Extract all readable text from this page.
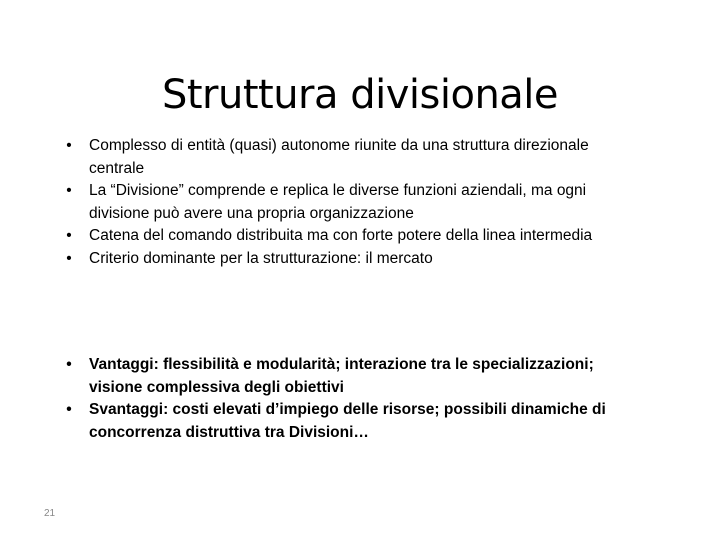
Struttura divisionale
• Complesso di entità (quasi) autonome riunite da una struttura direzionale centrale
• La “Divisione” comprende e replica le diverse funzioni aziendali, ma ogni divisione può avere una propria organizzazione
• Catena del comando distribuita ma con forte potere della linea intermedia
• Criterio dominante per la strutturazione: il mercato
• Vantaggi: flessibilità e modularità; interazione tra le specializzazioni; visione complessiva degli obiettivi
• Svantaggi: costi elevati d’impiego delle risorse; possibili dinamiche di concorrenza distruttiva tra Divisioni…
21
